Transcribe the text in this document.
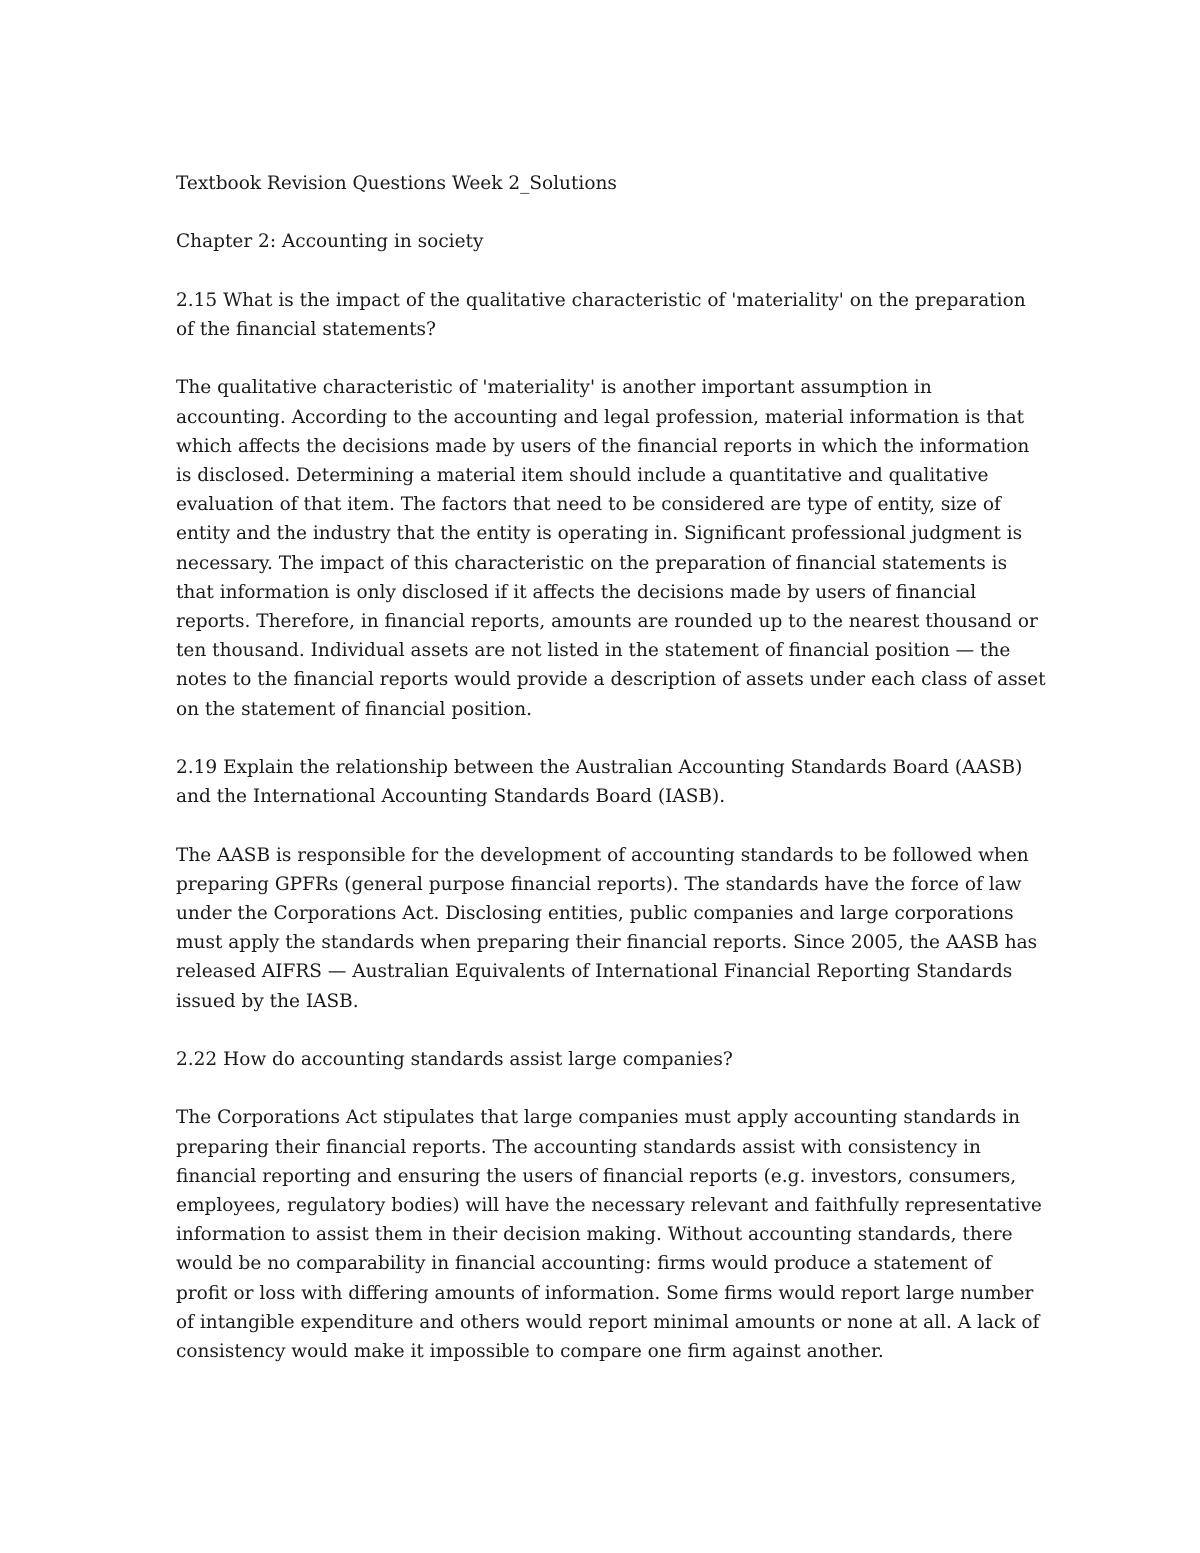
Textbook Revision Questions Week 2_Solutions

Chapter 2: Accounting in society

2.15 What is the impact of the qualitative characteristic of 'materiality' on the preparation of the financial statements?

The qualitative characteristic of 'materiality' is another important assumption in accounting. According to the accounting and legal profession, material information is that which affects the decisions made by users of the financial reports in which the information is disclosed. Determining a material item should include a quantitative and qualitative evaluation of that item. The factors that need to be considered are type of entity, size of entity and the industry that the entity is operating in. Significant professional judgment is necessary. The impact of this characteristic on the preparation of financial statements is that information is only disclosed if it affects the decisions made by users of financial reports. Therefore, in financial reports, amounts are rounded up to the nearest thousand or ten thousand. Individual assets are not listed in the statement of financial position — the notes to the financial reports would provide a description of assets under each class of asset on the statement of financial position.

2.19 Explain the relationship between the Australian Accounting Standards Board (AASB) and the International Accounting Standards Board (IASB).

The AASB is responsible for the development of accounting standards to be followed when preparing GPFRs (general purpose financial reports). The standards have the force of law under the Corporations Act. Disclosing entities, public companies and large corporations must apply the standards when preparing their financial reports. Since 2005, the AASB has released AIFRS — Australian Equivalents of International Financial Reporting Standards issued by the IASB.

2.22 How do accounting standards assist large companies?

The Corporations Act stipulates that large companies must apply accounting standards in preparing their financial reports. The accounting standards assist with consistency in financial reporting and ensuring the users of financial reports (e.g. investors, consumers, employees, regulatory bodies) will have the necessary relevant and faithfully representative information to assist them in their decision making. Without accounting standards, there would be no comparability in financial accounting: firms would produce a statement of profit or loss with differing amounts of information. Some firms would report large number of intangible expenditure and others would report minimal amounts or none at all. A lack of consistency would make it impossible to compare one firm against another.
